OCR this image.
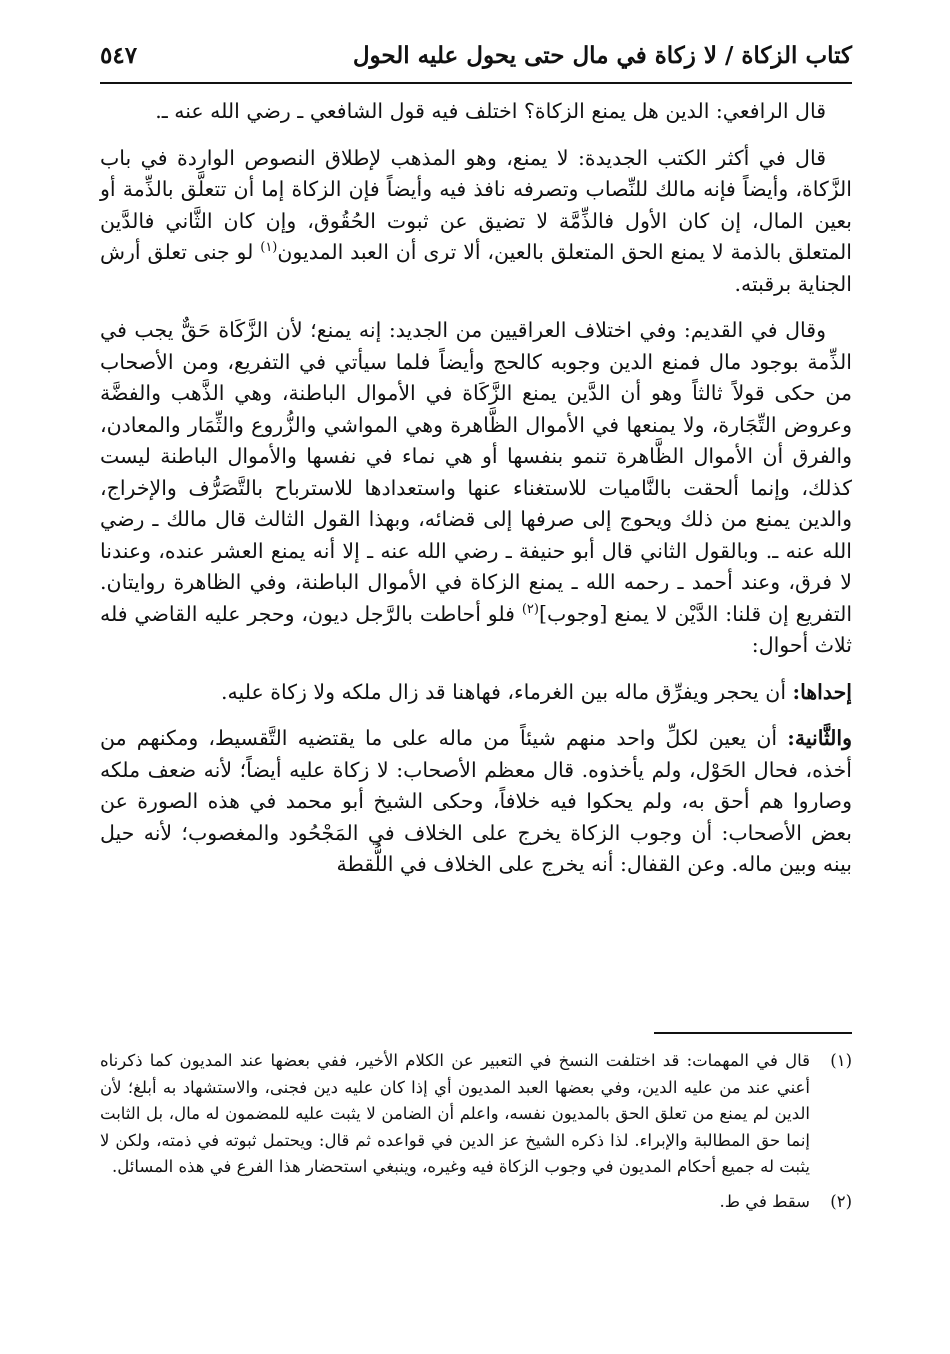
كتاب الزكاة / لا زكاة في مال حتى يحول عليه الحول
٥٤٧

قال الرافعي: الدين هل يمنع الزكاة؟ اختلف فيه قول الشافعي ـ رضي الله عنه ـ.

قال في أكثر الكتب الجديدة: لا يمنع، وهو المذهب لإطلاق النصوص الواردة في باب الزَّكاة، وأيضاً فإنه مالك للنِّصاب وتصرفه نافذ فيه وأيضاً فإن الزكاة إما أن تتعلَّق بالذِّمة أو بعين المال، إن كان الأول فالذِّمَّة لا تضيق عن ثبوت الحُقُوق، وإن كان الثَّاني فالدَّين المتعلق بالذمة لا يمنع الحق المتعلق بالعين، ألا ترى أن العبد المديون$^{(١)}$ لو جنى تعلق أرش الجناية برقبته.

وقال في القديم: وفي اختلاف العراقيين من الجديد: إنه يمنع؛ لأن الزَّكَاة حَقٌّ يجب في الذِّمة بوجود مال فمنع الدين وجوبه كالحج وأيضاً فلما سيأتي في التفريع، ومن الأصحاب من حكى قولاً ثالثاً وهو أن الدَّين يمنع الزَّكَاة في الأموال الباطنة، وهي الذَّهب والفضَّة وعروض التِّجَارة، ولا يمنعها في الأموال الظَّاهرة وهي المواشي والزُّروع والثِّمَار والمعادن، والفرق أن الأموال الظَّاهرة تنمو بنفسها أو هي نماء في نفسها والأموال الباطنة ليست كذلك، وإنما ألحقت بالنَّاميات للاستغناء عنها واستعدادها للاسترباح بالتَّصَرُّف والإخراج، والدين يمنع من ذلك ويحوج إلى صرفها إلى قضائه، وبهذا القول الثالث قال مالك ـ رضي الله عنه ـ. وبالقول الثاني قال أبو حنيفة ـ رضي الله عنه ـ إلا أنه يمنع العشر عنده، وعندنا لا فرق، وعند أحمد ـ رحمه الله ـ يمنع الزكاة في الأموال الباطنة، وفي الظاهرة روايتان. التفريع إن قلنا: الدَّيْن لا يمنع [وجوب]$^{(٢)}$ فلو أحاطت بالرَّجل ديون، وحجر عليه القاضي فله ثلاث أحوال:

إحداها: أن يحجر ويفرِّق ماله بين الغرماء، فهاهنا قد زال ملكه ولا زكاة عليه.

والثَّانية: أن يعين لكلِّ واحد منهم شيئاً من ماله على ما يقتضيه التَّقسيط، ومكنهم من أخذه، فحال الحَوْل، ولم يأخذوه. قال معظم الأصحاب: لا زكاة عليه أيضاً؛ لأنه ضعف ملكه وصاروا هم أحق به، ولم يحكوا فيه خلافاً، وحكى الشيخ أبو محمد في هذه الصورة عن بعض الأصحاب: أن وجوب الزكاة يخرج على الخلاف في المَجْحُود والمغصوب؛ لأنه حيل بينه وبين ماله. وعن القفال: أنه يخرج على الخلاف في اللُّقطة

(١)
قال في المهمات: قد اختلفت النسخ في التعبير عن الكلام الأخير، ففي بعضها عند المديون كما ذكرناه أعني عند من عليه الدين، وفي بعضها العبد المديون أي إذا كان عليه دين فجنى، والاستشهاد به أبلغ؛ لأن الدين لم يمنع من تعلق الحق بالمديون نفسه، واعلم أن الضامن لا يثبت عليه للمضمون له مال، بل الثابت إنما حق المطالبة والإبراء. لذا ذكره الشيخ عز الدين في قواعده ثم قال: ويحتمل ثبوته في ذمته، ولكن لا يثبت له جميع أحكام المديون في وجوب الزكاة فيه وغيره، وينبغي استحضار هذا الفرع في هذه المسائل.

(٢)
سقط في ط.
